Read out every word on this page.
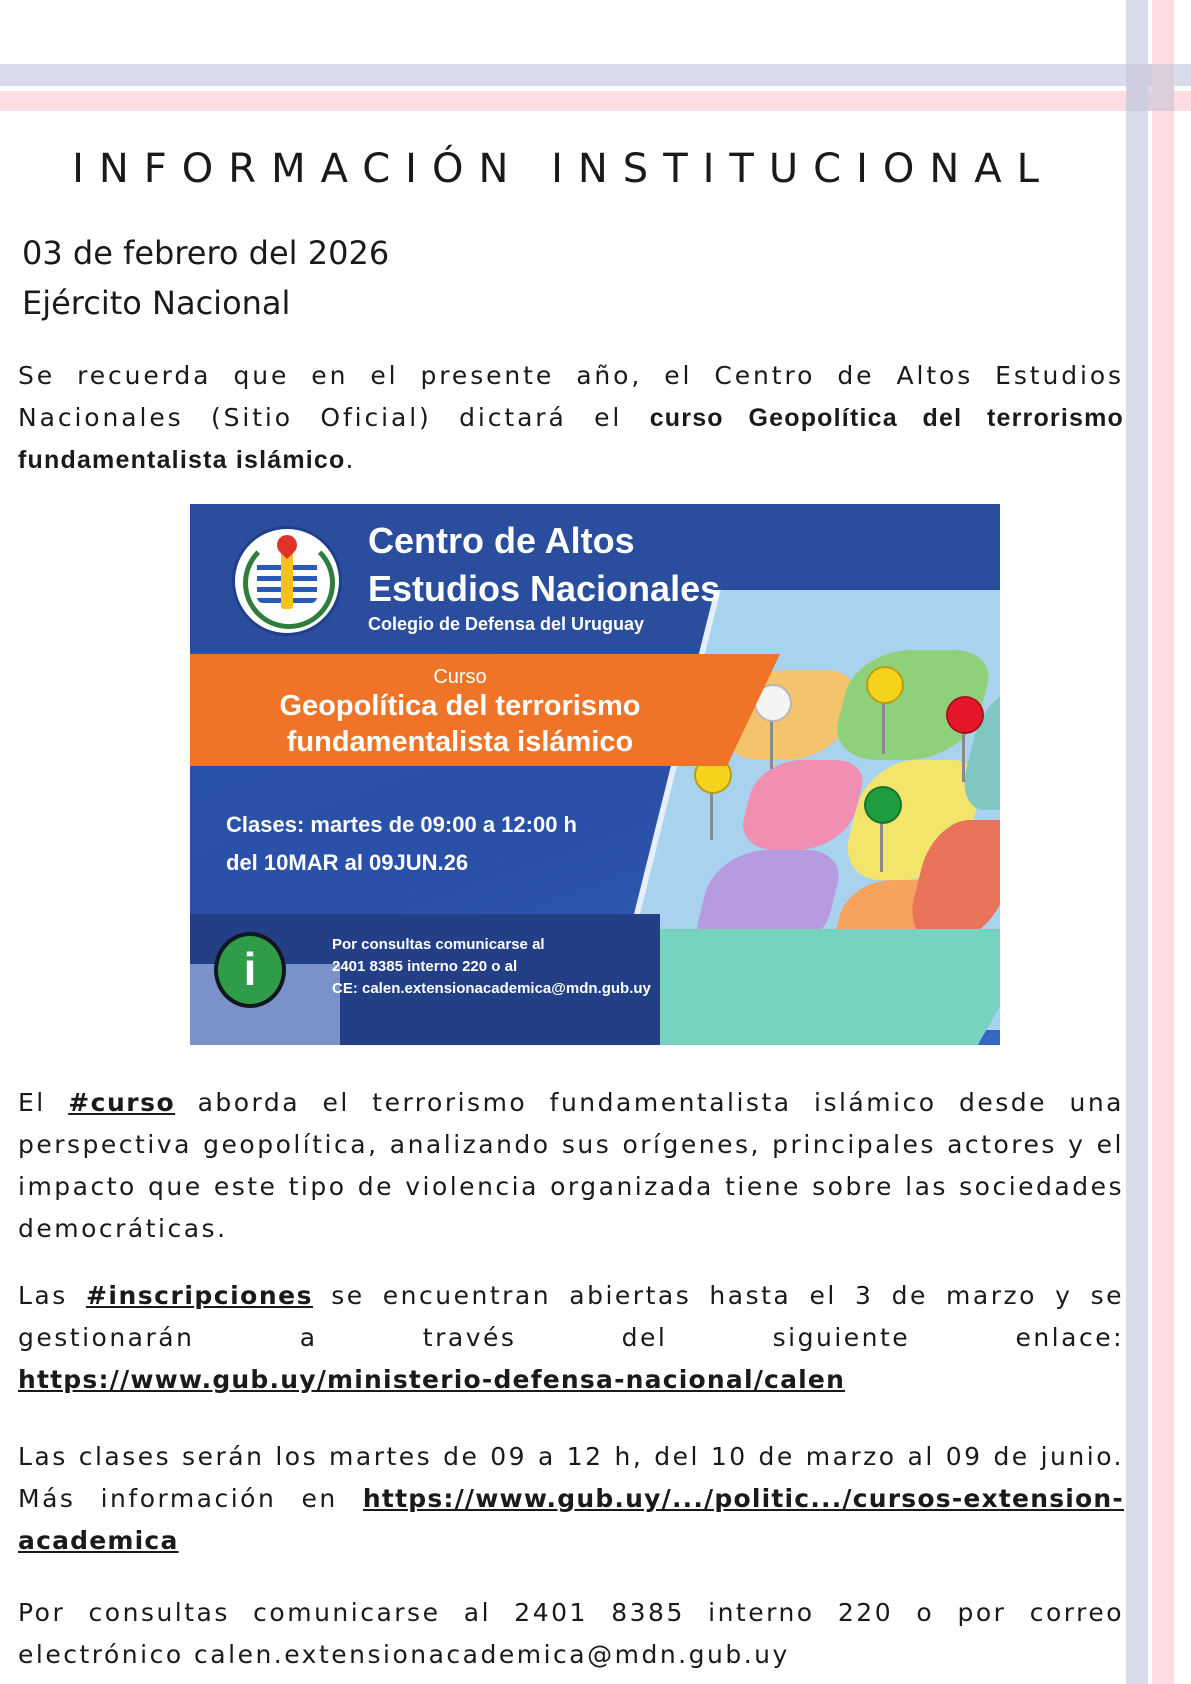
INFORMACIÓN INSTITUCIONAL
03 de febrero del 2026
Ejército Nacional
Se recuerda que en el presente año, el Centro de Altos Estudios Nacionales (Sitio Oficial) dictará el curso Geopolítica del terrorismo fundamentalista islámico.
Centro de Altos
Estudios Nacionales
Colegio de Defensa del Uruguay
Curso
Geopolítica del terrorismo
fundamentalista islámico
Clases: martes de 09:00 a 12:00 h
del 10MAR al 09JUN.26
i	Por consultas comunicarse al
2401 8385 interno 220 o al
CE: calen.extensionacademica@mdn.gub.uy
El #curso aborda el terrorismo fundamentalista islámico desde una perspectiva geopolítica, analizando sus orígenes, principales actores y el impacto que este tipo de violencia organizada tiene sobre las sociedades democráticas.
Las #inscripciones se encuentran abiertas hasta el 3 de marzo y se gestionarán a través del siguiente enlace: https://www.gub.uy/ministerio-defensa-nacional/calen
Las clases serán los martes de 09 a 12 h, del 10 de marzo al 09 de junio. Más información en https://www.gub.uy/.../politic.../cursos-extension-academica
Por consultas comunicarse al 2401 8385 interno 220 o por correo electrónico calen.extensionacademica@mdn.gub.uy
